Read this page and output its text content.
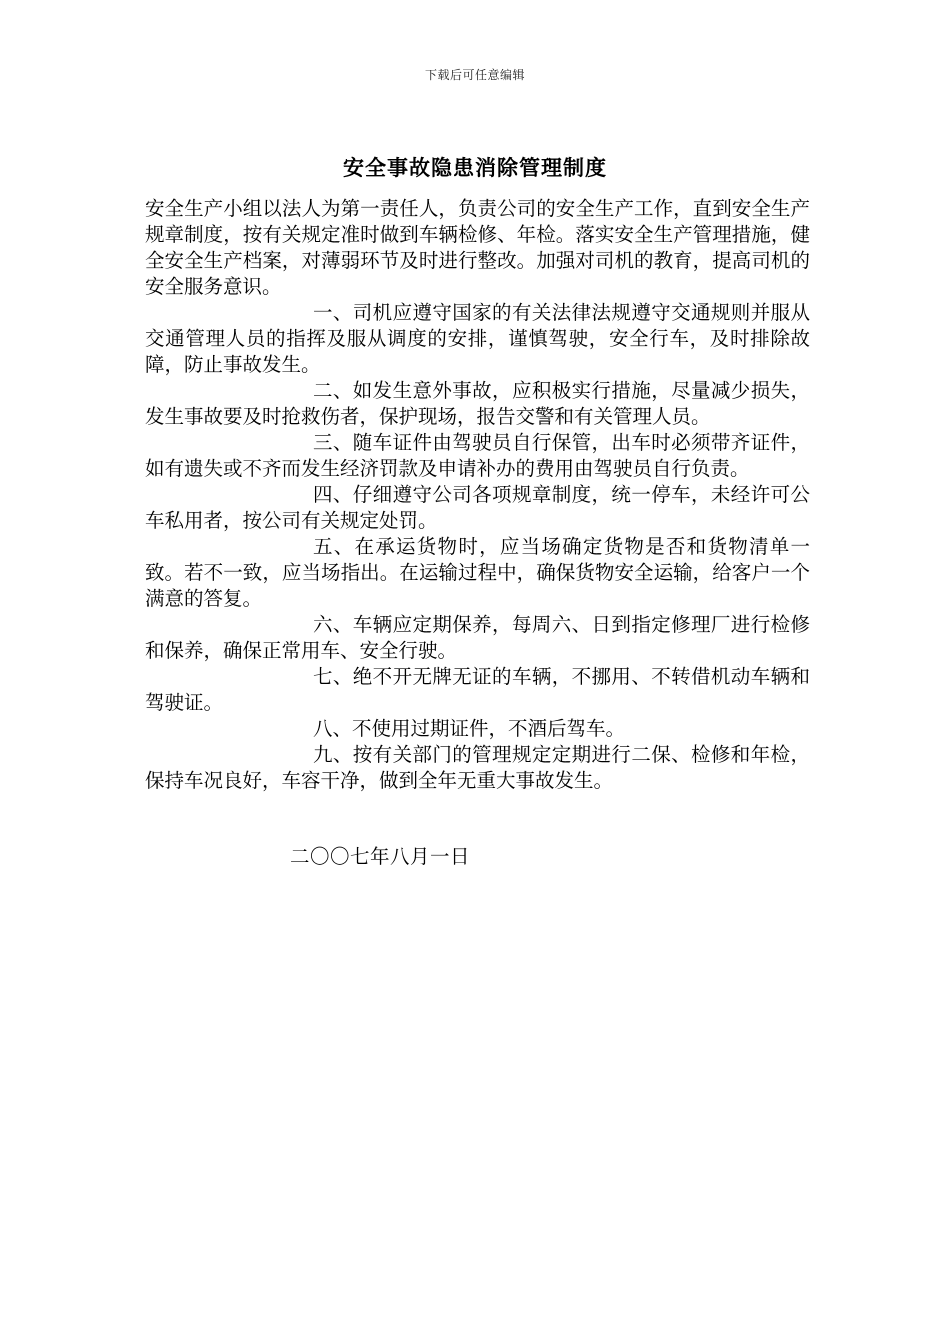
下载后可任意编辑
安全事故隐患消除管理制度

安全生产小组以法人为第一责任人，负责公司的安全生产工作，直到安全生产规章制度，按有关规定准时做到车辆检修、年检。落实安全生产管理措施，健全安全生产档案，对薄弱环节及时进行整改。加强对司机的教育，提高司机的安全服务意识。

一、司机应遵守国家的有关法律法规遵守交通规则并服从交通管理人员的指挥及服从调度的安排，谨慎驾驶，安全行车，及时排除故障，防止事故发生。

二、如发生意外事故，应积极实行措施，尽量减少损失，发生事故要及时抢救伤者，保护现场，报告交警和有关管理人员。

三、随车证件由驾驶员自行保管，出车时必须带齐证件，如有遗失或不齐而发生经济罚款及申请补办的费用由驾驶员自行负责。

四、仔细遵守公司各项规章制度，统一停车，未经许可公车私用者，按公司有关规定处罚。

五、在承运货物时，应当场确定货物是否和货物清单一致。若不一致，应当场指出。在运输过程中，确保货物安全运输，给客户一个满意的答复。

六、车辆应定期保养，每周六、日到指定修理厂进行检修和保养，确保正常用车、安全行驶。

七、绝不开无牌无证的车辆，不挪用、不转借机动车辆和驾驶证。

八、不使用过期证件，不酒后驾车。

九、按有关部门的管理规定定期进行二保、检修和年检，保持车况良好，车容干净，做到全年无重大事故发生。

二〇〇七年八月一日
